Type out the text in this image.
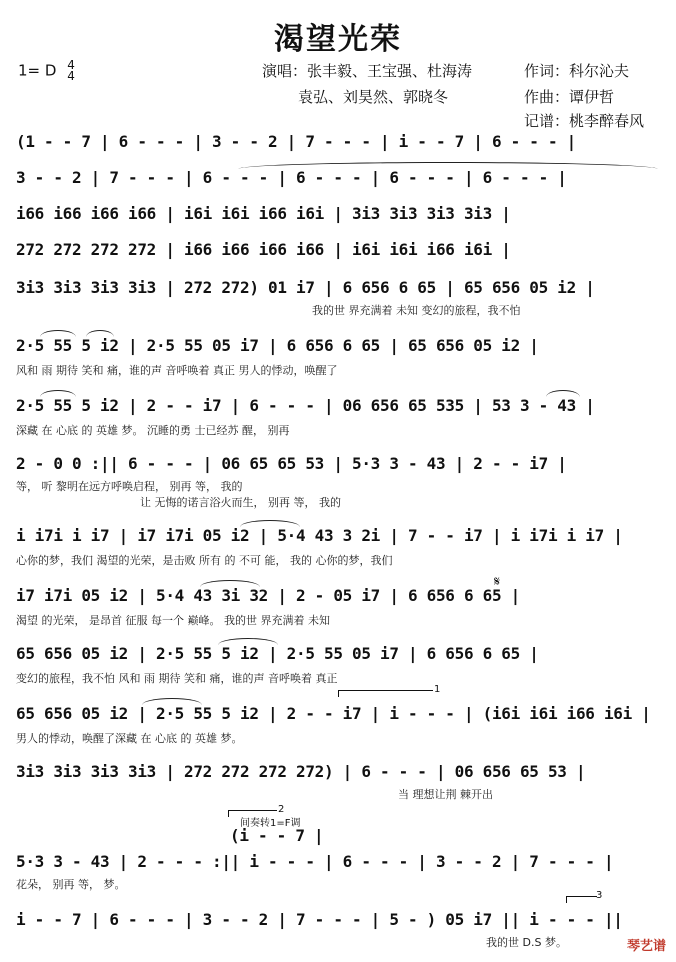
渴望光荣
1= D 4
4	演唱：张丰毅、王宝强、杜海涛
袁弘、刘昊然、郭晓冬
作词：科尔沁夫
作曲：谭伊哲
记谱：桃李醉春风
(1 - - 7 | 6 - - - | 3 - - 2 | 7 - - - | i - - 7 | 6 - - - |
3 - - 2 | 7 - - - | 6 - - - | 6 - - - | 6 - - - | 6 - - - |
i66 i66 i66 i66 | i6i i6i i66 i6i | 3i3 3i3 3i3 3i3 |
272 272 272 272 | i66 i66 i66 i66 | i6i i6i i66 i6i |
3i3 3i3 3i3 3i3 | 272 272) 01 i7 | 6 656 6 65 | 65 656 05 i2 |
我的世 界充满着 未知 变幻的旅程，我不怕
2·5 55 5 i2 | 2·5 55 05 i7 | 6 656 6 65 | 65 656 05 i2 |
风和 雨 期待 笑和 痛，谁的声 音呼唤着 真正 男人的悸动，唤醒了
2·5 55 5 i2 | 2 - - i7 | 6 - - - | 06 656 65 535 | 53 3 - 43 |
深藏 在 心底 的 英雄 梦。 沉睡的勇 士已经苏 醒， 别再
2 - 0 0 :|| 6 - - - | 06 65 65 53 | 5·3 3 - 43 | 2 - - i7 |
等， 听 黎明在远方呼唤启程， 别再 等， 我的
让 无悔的诺言浴火而生， 别再 等， 我的
i i7i i i7 | i7 i7i 05 i2 | 5·4 43 3 2i | 7 - - i7 | i i7i i i7 |
心你的梦，我们 渴望的光荣，是击败 所有 的 不可 能， 我的 心你的梦，我们
𝄋
i7 i7i 05 i2 | 5·4 43 3i 32 | 2 - 05 i7 | 6 656 6 65 |
渴望 的光荣， 是昂首 征服 每一个 巅峰。 我的世 界充满着 未知
65 656 05 i2 | 2·5 55 5 i2 | 2·5 55 05 i7 | 6 656 6 65 |
变幻的旅程，我不怕 风和 雨 期待 笑和 痛，谁的声 音呼唤着 真正
1
65 656 05 i2 | 2·5 55 5 i2 | 2 - - i7 | i - - - | (i6i i6i i66 i6i |
男人的悸动，唤醒了深藏 在 心底 的 英雄 梦。
3i3 3i3 3i3 3i3 | 272 272 272 272) | 6 - - - | 06 656 65 53 |
当 理想让荆 棘开出
2
间奏转1=F调
(i - - 7 |
5·3 3 - 43 | 2 - - - :|| i - - - | 6 - - - | 3 - - 2 | 7 - - - |
花朵， 别再 等， 梦。
3
i - - 7 | 6 - - - | 3 - - 2 | 7 - - - | 5 - ) 05 i7 || i - - - ||
我的世 D.S 梦。	琴艺谱
